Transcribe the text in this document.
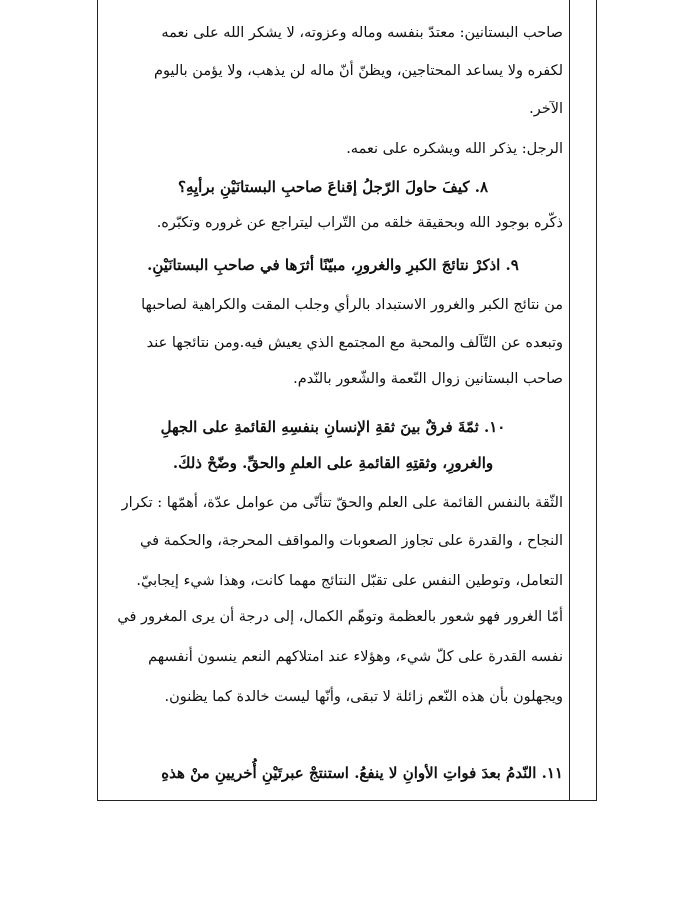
صاحب البستانين: معتدّ بنفسه وماله وعزوته، لا يشكر الله على نعمه
لكفره ولا يساعد المحتاجين، ويظنّ أنّ ماله لن يذهب، ولا يؤمن باليوم
الآخر.
الرجل: يذكر الله ويشكره على نعمه.
٨. كيفَ حاولَ الرّجلُ إقناعَ صاحبِ البستانَيْنِ برأيِهِ؟
ذكّره بوجود الله وبحقيقة خلقه من التّراب ليتراجع عن غروره وتكبّره.
٩. اذكرْ نتائجَ الكبرِ والغرورِ، مبيّنًا أثرَها في صاحبِ البستانَيْنِ.
من نتائج الكبر والغرور الاستبداد بالرأي وجلب المقت والكراهية لصاحبها
وتبعده عن التّآلف والمحبة مع المجتمع الذي يعيش فيه.ومن نتائجها عند
صاحب البستانين زوال النّعمة والشّعور بالنّدم.
١٠. ثمّةَ فرقٌ بينَ ثقةِ الإنسانِ بنفسِهِ القائمةِ على الجهلِ
والغرورِ، وثقتِهِ القائمةِ على العلمِ والحقِّ. وضّحْ ذلكَ.
الثّقة بالنفس القائمة على العلم والحقّ تتأتّى من عوامل عدّة، أهمّها : تكرار
النجاح ، والقدرة على تجاوز الصعوبات والمواقف المحرجة، والحكمة في
التعامل، وتوطين النفس على تقبّل النتائج مهما كانت، وهذا شيء إيجابيّ.
أمّا الغرور فهو شعور بالعظمة وتوهّم الكمال، إلى درجة أن يرى المغرور في
نفسه القدرة على كلّ شيء، وهؤلاء عند امتلاكهم النعم ينسون أنفسهم
ويجهلون بأن هذه النّعم زائلة لا تبقى، وأنّها ليست خالدة كما يظنون.
١١. النّدمُ بعدَ فواتِ الأوانِ لا ينفعُ. استنتجْ عبرتَيْنِ أُخريينِ منْ هذهِ
